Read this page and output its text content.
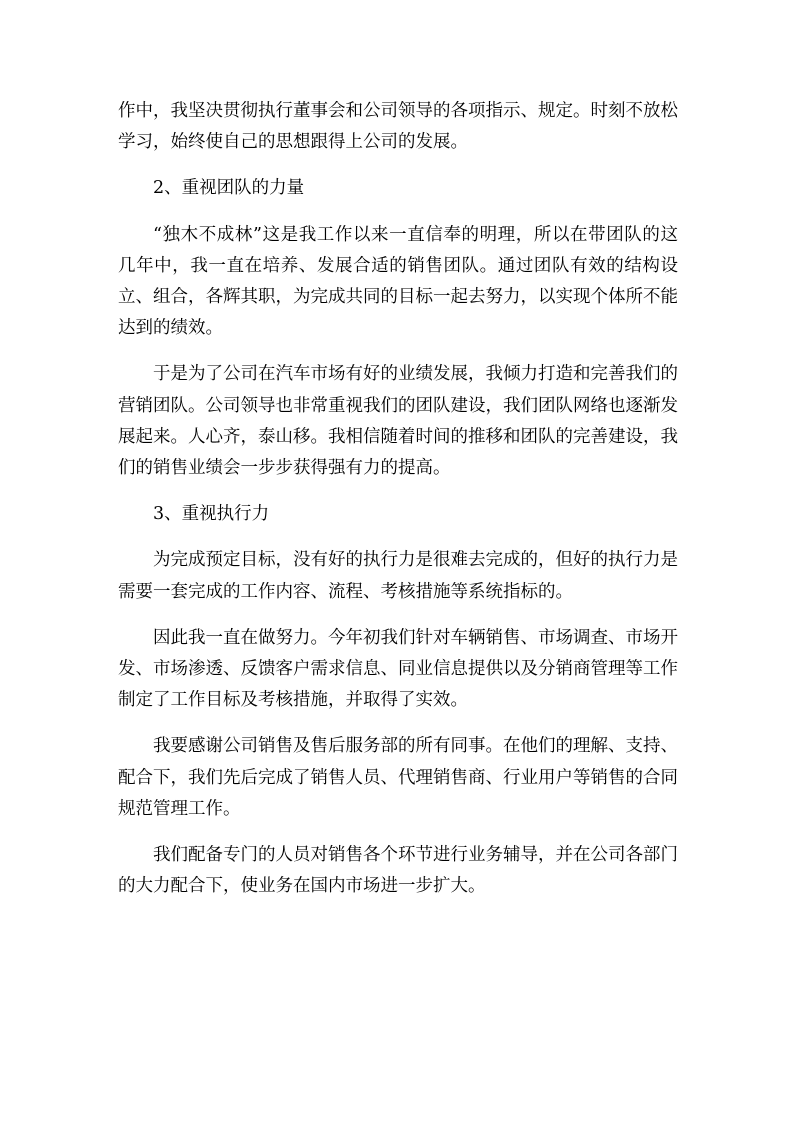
作中，我坚决贯彻执行董事会和公司领导的各项指示、规定。时刻不放松学习，始终使自己的思想跟得上公司的发展。

2、重视团队的力量

“独木不成林”这是我工作以来一直信奉的明理，所以在带团队的这几年中，我一直在培养、发展合适的销售团队。通过团队有效的结构设立、组合，各辉其职，为完成共同的目标一起去努力，以实现个体所不能达到的绩效。

于是为了公司在汽车市场有好的业绩发展，我倾力打造和完善我们的营销团队。公司领导也非常重视我们的团队建设，我们团队网络也逐渐发展起来。人心齐，泰山移。我相信随着时间的推移和团队的完善建设，我们的销售业绩会一步步获得强有力的提高。

3、重视执行力

为完成预定目标，没有好的执行力是很难去完成的，但好的执行力是需要一套完成的工作内容、流程、考核措施等系统指标的。

因此我一直在做努力。今年初我们针对车辆销售、市场调查、市场开发、市场渗透、反馈客户需求信息、同业信息提供以及分销商管理等工作制定了工作目标及考核措施，并取得了实效。

我要感谢公司销售及售后服务部的所有同事。在他们的理解、支持、配合下，我们先后完成了销售人员、代理销售商、行业用户等销售的合同规范管理工作。

我们配备专门的人员对销售各个环节进行业务辅导，并在公司各部门的大力配合下，使业务在国内市场进一步扩大。
